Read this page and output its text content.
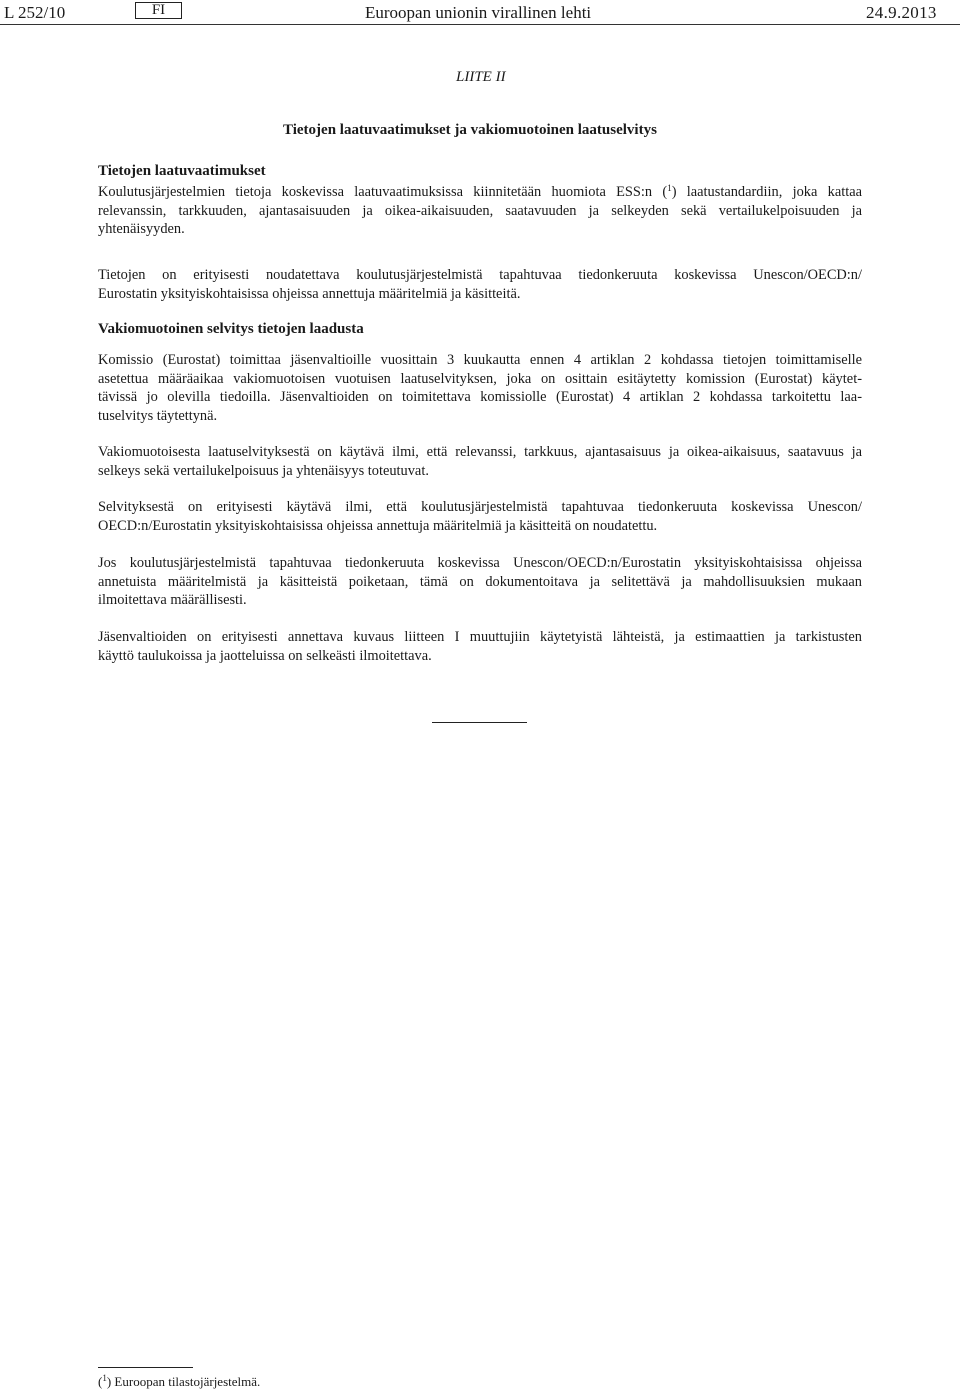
L 252/10	FI	Euroopan unionin virallinen lehti	24.9.2013
LIITE II
Tietojen laatuvaatimukset ja vakiomuotoinen laatuselvitys
Tietojen laatuvaatimukset
Koulutusjärjestelmien tietoja koskevissa laatuvaatimuksissa kiinnitetään huomiota ESS:n ($^1$) laatustandardiin, joka kattaa
relevanssin, tarkkuuden, ajantasaisuuden ja oikea-aikaisuuden, saatavuuden ja selkeyden sekä vertailukelpoisuuden ja
yhtenäisyyden.
Tietojen on erityisesti noudatettava koulutusjärjestelmistä tapahtuvaa tiedonkeruuta koskevissa Unescon/OECD:n/
Eurostatin yksityiskohtaisissa ohjeissa annettuja määritelmiä ja käsitteitä.
Vakiomuotoinen selvitys tietojen laadusta
Komissio (Eurostat) toimittaa jäsenvaltioille vuosittain 3 kuukautta ennen 4 artiklan 2 kohdassa tietojen toimittamiselle
asetettua määräaikaa vakiomuotoisen vuotuisen laatuselvityksen, joka on osittain esitäytetty komission (Eurostat) käytet-
tävissä jo olevilla tiedoilla. Jäsenvaltioiden on toimitettava komissiolle (Eurostat) 4 artiklan 2 kohdassa tarkoitettu laa-
tuselvitys täytettynä.
Vakiomuotoisesta laatuselvityksestä on käytävä ilmi, että relevanssi, tarkkuus, ajantasaisuus ja oikea-aikaisuus, saatavuus ja
selkeys sekä vertailukelpoisuus ja yhtenäisyys toteutuvat.
Selvityksestä on erityisesti käytävä ilmi, että koulutusjärjestelmistä tapahtuvaa tiedonkeruuta koskevissa Unescon/
OECD:n/Eurostatin yksityiskohtaisissa ohjeissa annettuja määritelmiä ja käsitteitä on noudatettu.
Jos koulutusjärjestelmistä tapahtuvaa tiedonkeruuta koskevissa Unescon/OECD:n/Eurostatin yksityiskohtaisissa ohjeissa
annetuista määritelmistä ja käsitteistä poiketaan, tämä on dokumentoitava ja selitettävä ja mahdollisuuksien mukaan
ilmoitettava määrällisesti.
Jäsenvaltioiden on erityisesti annettava kuvaus liitteen I muuttujiin käytetyistä lähteistä, ja estimaattien ja tarkistusten
käyttö taulukoissa ja jaotteluissa on selkeästi ilmoitettava.
($^1$) Euroopan tilastojärjestelmä.
